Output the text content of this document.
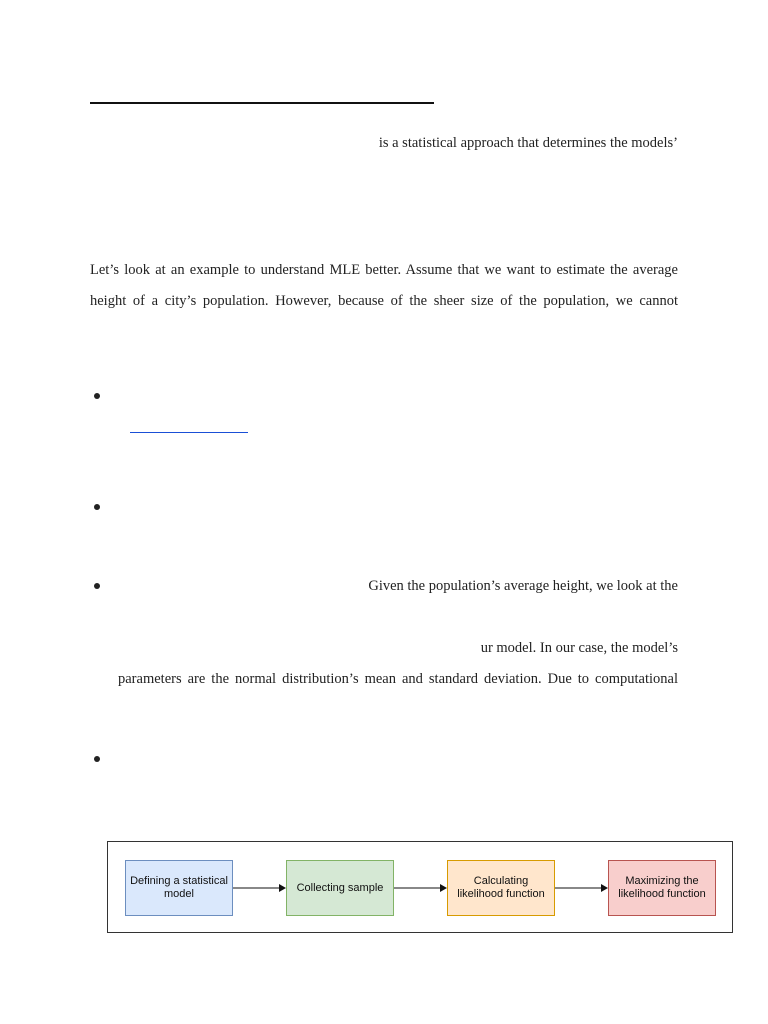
is a statistical approach that determines the models’
Let’s look at an example to understand MLE better. Assume that we want to estimate the average
height of a city’s population. However, because of the sheer size of the population, we cannot
Given the population’s average height, we look at the
ur model. In our case, the model’s
parameters are the normal distribution’s mean and standard deviation. Due to computational
Defining a statistical model
Collecting sample
Calculating likelihood function
Maximizing the likelihood function
